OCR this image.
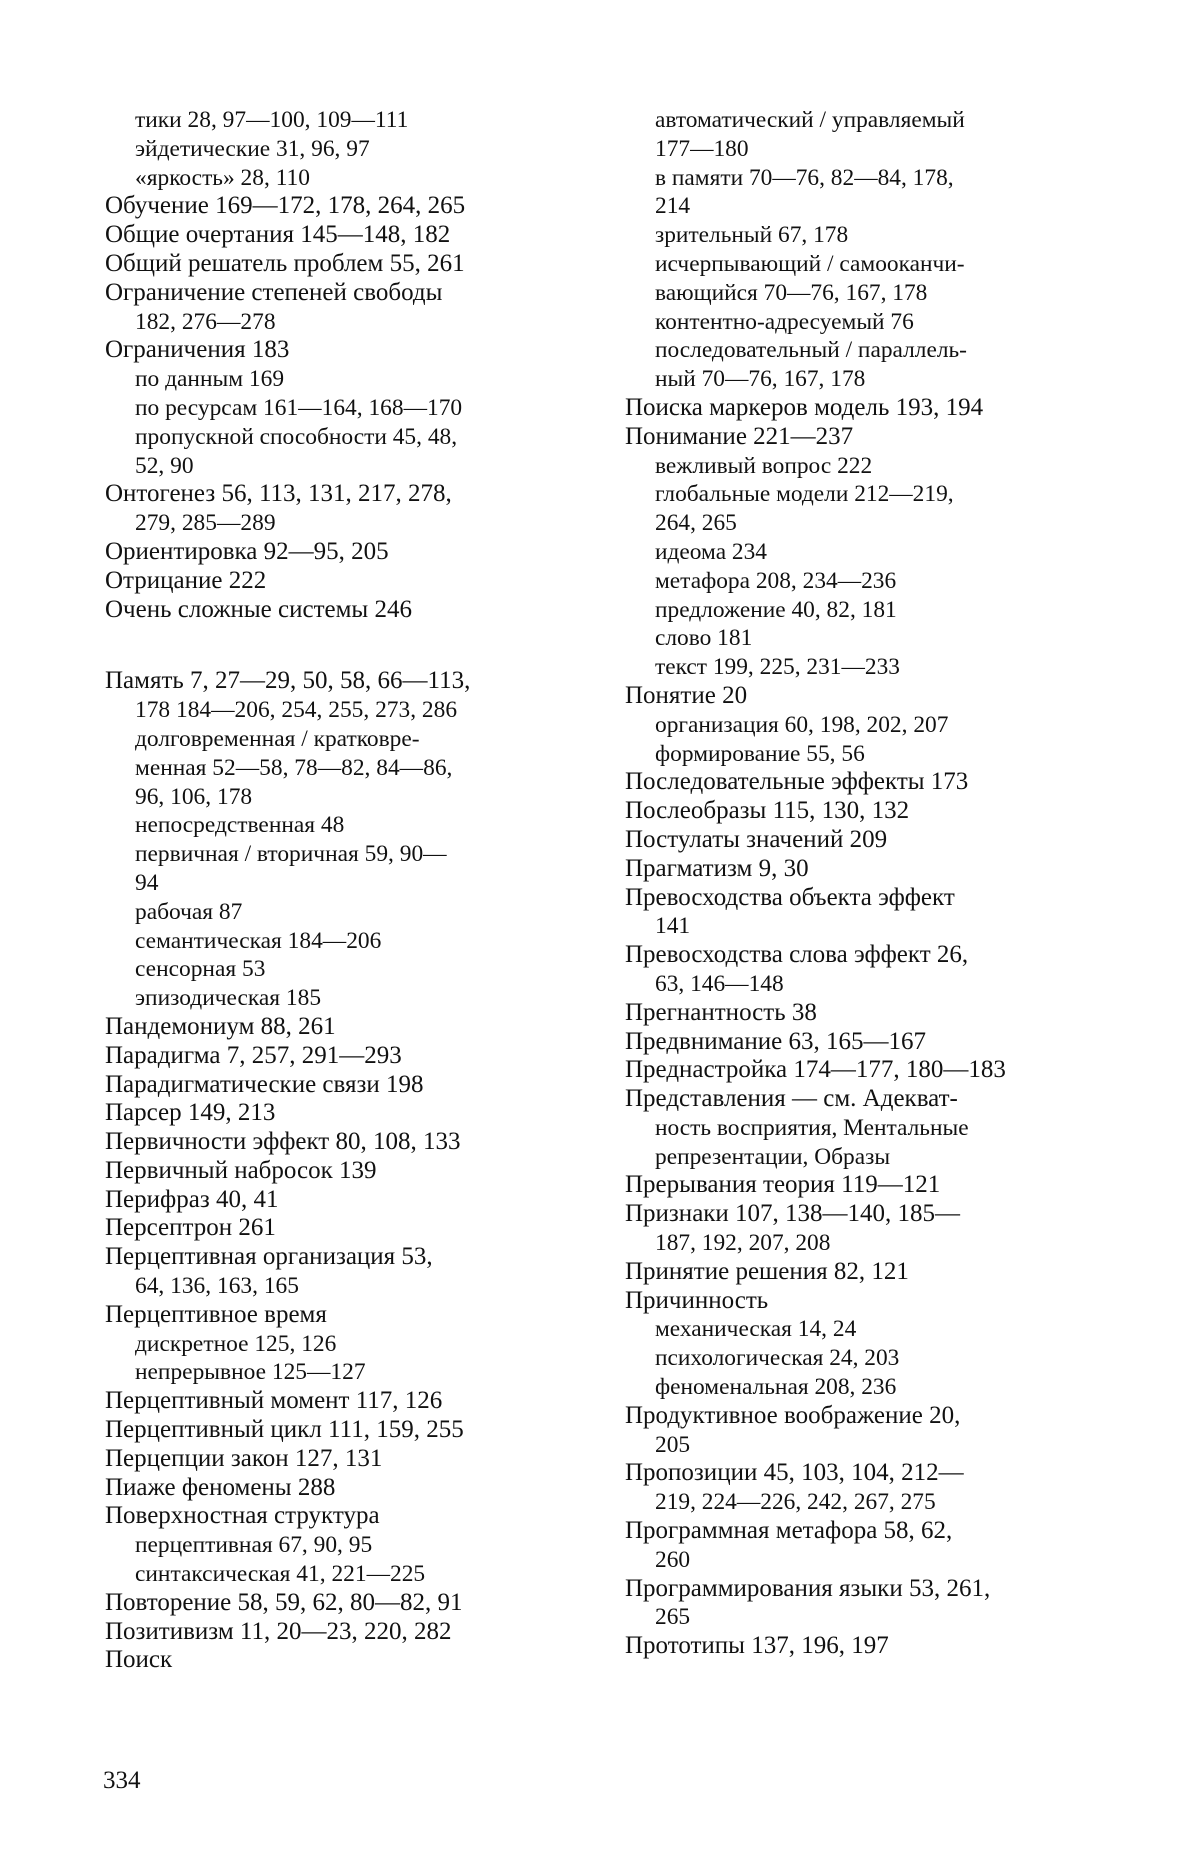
тики 28, 97—100, 109—111
эйдетические 31, 96, 97
«яркость» 28, 110
Обучение 169—172, 178, 264, 265
Общие очертания 145—148, 182
Общий решатель проблем 55, 261
Ограничение степеней свободы
182, 276—278
Ограничения 183
по данным 169
по ресурсам 161—164, 168—170
пропускной способности 45, 48,
52, 90
Онтогенез 56, 113, 131, 217, 278,
279, 285—289
Ориентировка 92—95, 205
Отрицание 222
Очень сложные системы 246
Память 7, 27—29, 50, 58, 66—113,
178 184—206, 254, 255, 273, 286
долговременная / кратковре-
менная 52—58, 78—82, 84—86,
96, 106, 178
непосредственная 48
первичная / вторичная 59, 90—
94
рабочая 87
семантическая 184—206
сенсорная 53
эпизодическая 185
Пандемониум 88, 261
Парадигма 7, 257, 291—293
Парадигматические связи 198
Парсер 149, 213
Первичности эффект 80, 108, 133
Первичный набросок 139
Перифраз 40, 41
Персептрон 261
Перцептивная организация 53,
64, 136, 163, 165
Перцептивное время
дискретное 125, 126
непрерывное 125—127
Перцептивный момент 117, 126
Перцептивный цикл 111, 159, 255
Перцепции закон 127, 131
Пиаже феномены 288
Поверхностная структура
перцептивная 67, 90, 95
синтаксическая 41, 221—225
Повторение 58, 59, 62, 80—82, 91
Позитивизм 11, 20—23, 220, 282
Поиск
автоматический / управляемый
177—180
в памяти 70—76, 82—84, 178,
214
зрительный 67, 178
исчерпывающий / самооканчи-
вающийся 70—76, 167, 178
контентно-адресуемый 76
последовательный / параллель-
ный 70—76, 167, 178
Поиска маркеров модель 193, 194
Понимание 221—237
вежливый вопрос 222
глобальные модели 212—219,
264, 265
идеома 234
метафора 208, 234—236
предложение 40, 82, 181
слово 181
текст 199, 225, 231—233
Понятие 20
организация 60, 198, 202, 207
формирование 55, 56
Последовательные эффекты 173
Послеобразы 115, 130, 132
Постулаты значений 209
Прагматизм 9, 30
Превосходства объекта эффект
141
Превосходства слова эффект 26,
63, 146—148
Прегнантность 38
Предвнимание 63, 165—167
Преднастройка 174—177, 180—183
Представления — см. Адекват-
ность восприятия, Ментальные
репрезентации, Образы
Прерывания теория 119—121
Признаки 107, 138—140, 185—
187, 192, 207, 208
Принятие решения 82, 121
Причинность
механическая 14, 24
психологическая 24, 203
феноменальная 208, 236
Продуктивное воображение 20,
205
Пропозиции 45, 103, 104, 212—
219, 224—226, 242, 267, 275
Программная метафора 58, 62,
260
Программирования языки 53, 261,
265
Прототипы 137, 196, 197
334
